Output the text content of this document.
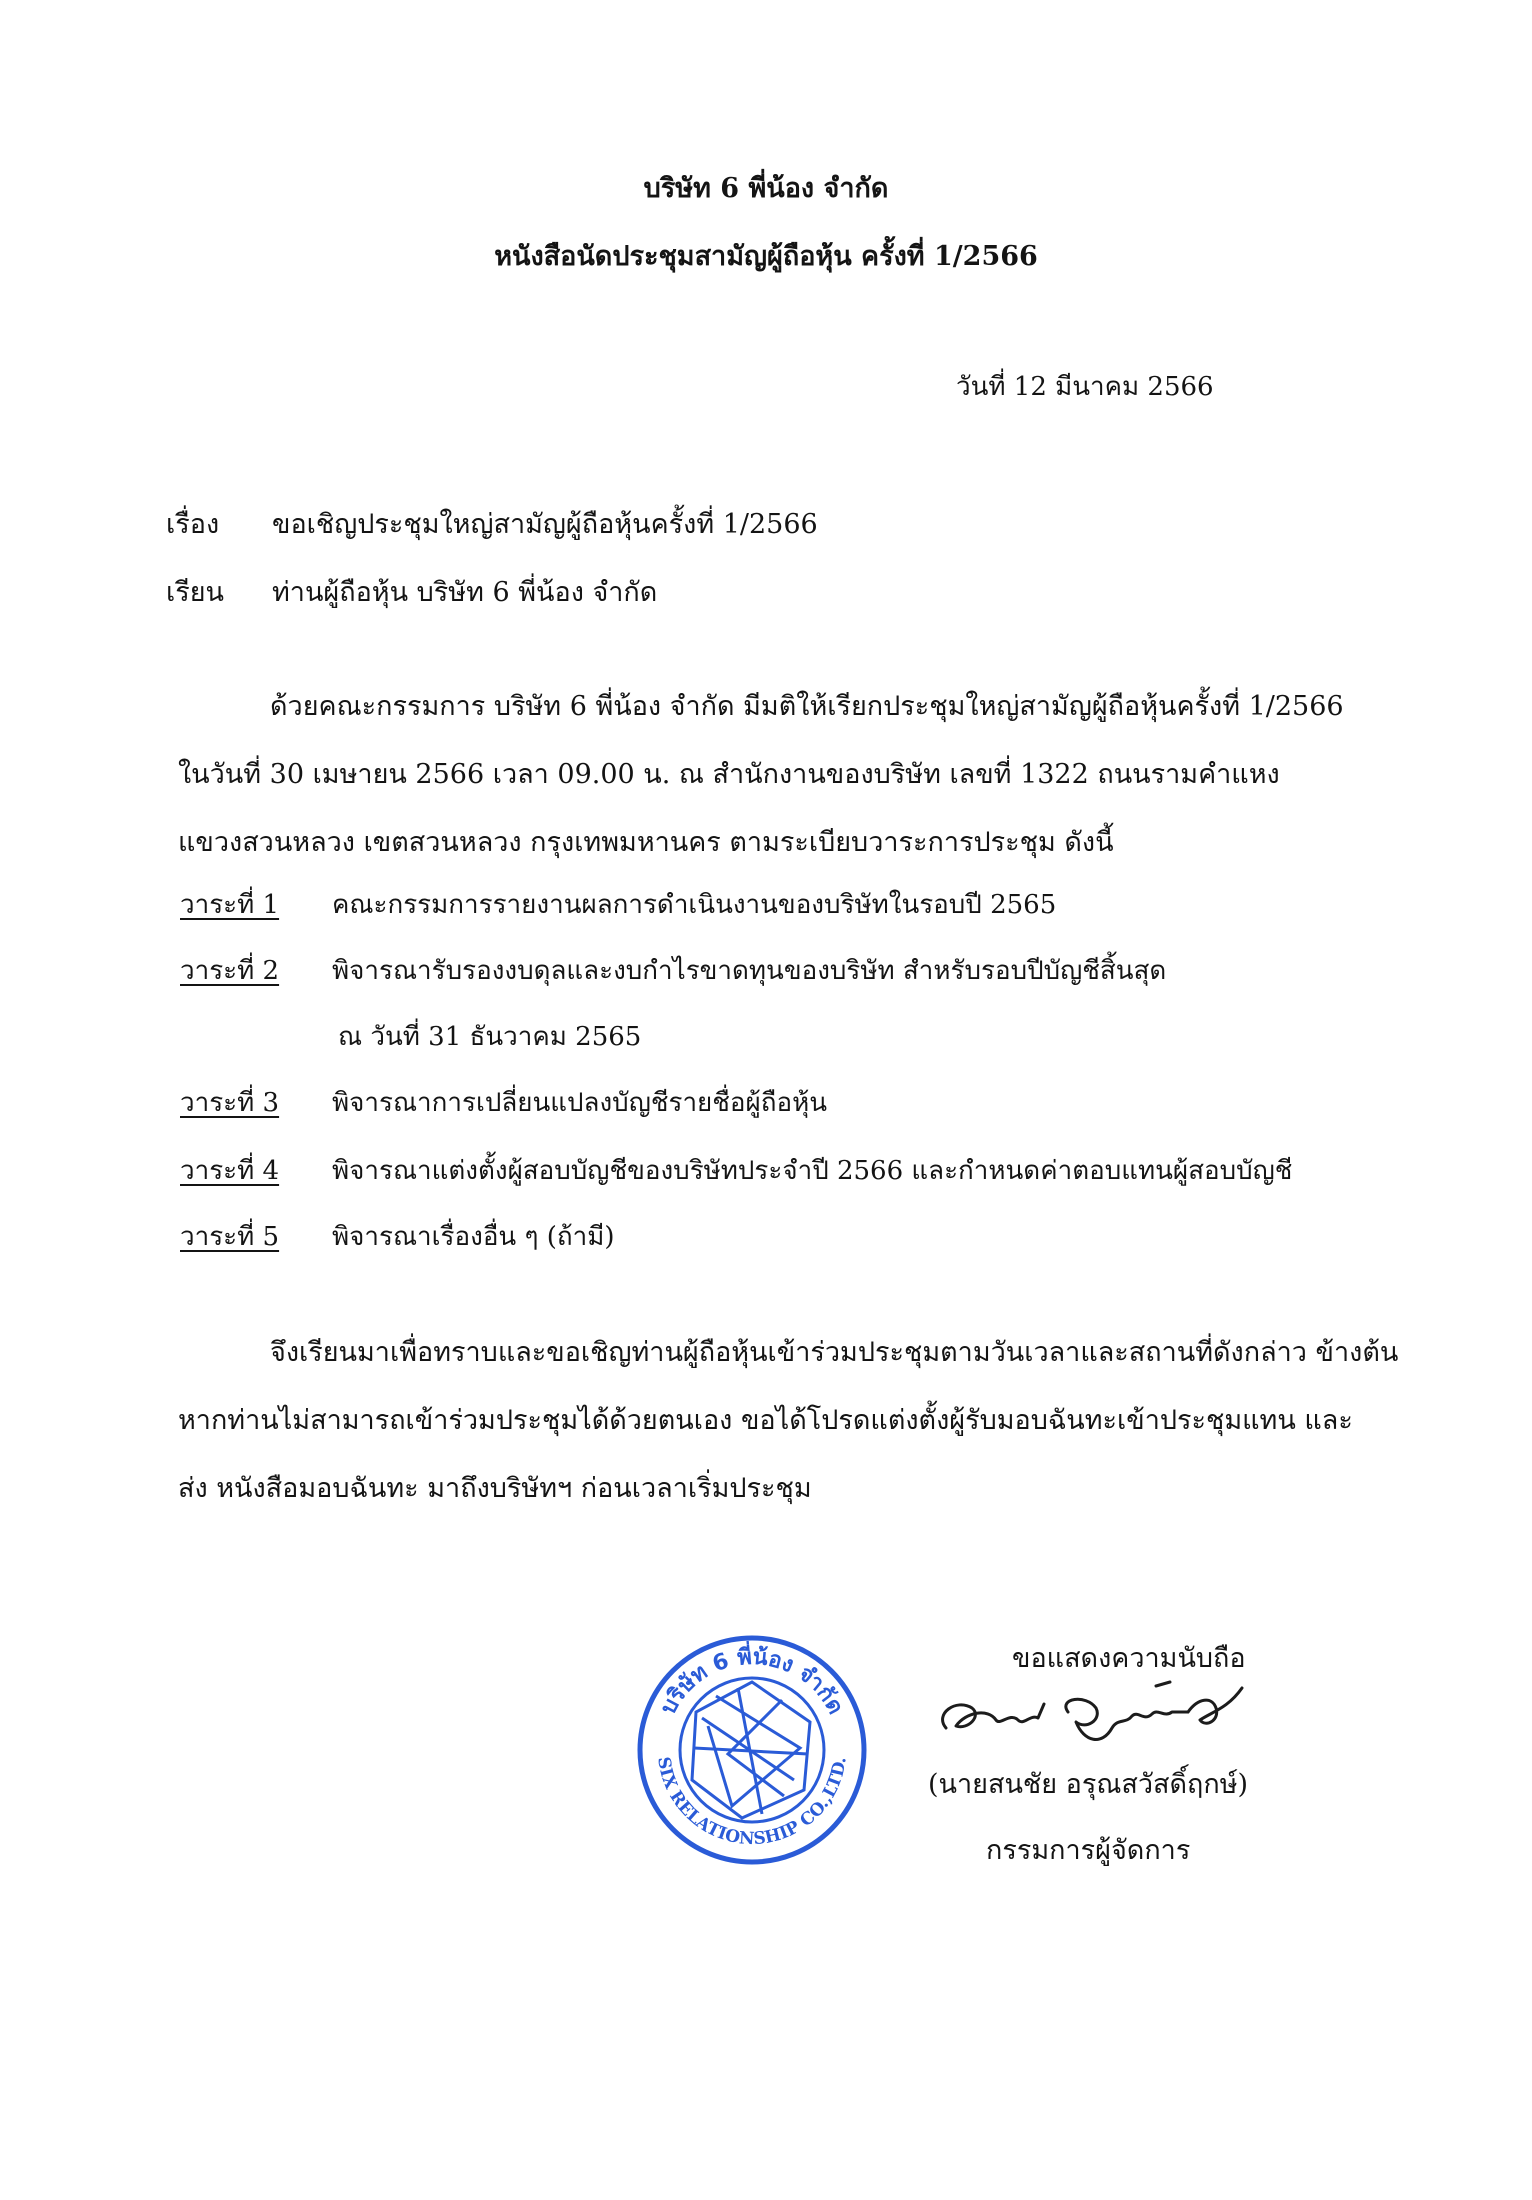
บริษัท 6 พี่น้อง จำกัด
หนังสือนัดประชุมสามัญผู้ถือหุ้น ครั้งที่ 1/2566
วันที่ 12 มีนาคม 2566
เรื่อง ขอเชิญประชุมใหญ่สามัญผู้ถือหุ้นครั้งที่ 1/2566
เรียน ท่านผู้ถือหุ้น บริษัท 6 พี่น้อง จำกัด
ด้วยคณะกรรมการ บริษัท 6 พี่น้อง จำกัด มีมติให้เรียกประชุมใหญ่สามัญผู้ถือหุ้นครั้งที่ 1/2566
ในวันที่ 30 เมษายน 2566 เวลา 09.00 น. ณ สำนักงานของบริษัท เลขที่ 1322 ถนนรามคำแหง
แขวงสวนหลวง เขตสวนหลวง กรุงเทพมหานคร ตามระเบียบวาระการประชุม ดังนี้
วาระที่ 1 คณะกรรมการรายงานผลการดำเนินงานของบริษัทในรอบปี 2565
วาระที่ 2 พิจารณารับรองงบดุลและงบกำไรขาดทุนของบริษัท สำหรับรอบปีบัญชีสิ้นสุด
ณ วันที่ 31 ธันวาคม 2565
วาระที่ 3 พิจารณาการเปลี่ยนแปลงบัญชีรายชื่อผู้ถือหุ้น
วาระที่ 4 พิจารณาแต่งตั้งผู้สอบบัญชีของบริษัทประจำปี 2566 และกำหนดค่าตอบแทนผู้สอบบัญชี
วาระที่ 5 พิจารณาเรื่องอื่น ๆ (ถ้ามี)
จึงเรียนมาเพื่อทราบและขอเชิญท่านผู้ถือหุ้นเข้าร่วมประชุมตามวันเวลาและสถานที่ดังกล่าว ข้างต้น
หากท่านไม่สามารถเข้าร่วมประชุมได้ด้วยตนเอง ขอได้โปรดแต่งตั้งผู้รับมอบฉันทะเข้าประชุมแทน และ
ส่ง หนังสือมอบฉันทะ มาถึงบริษัทฯ ก่อนเวลาเริ่มประชุม
บริษัท 6 พี่น้อง จำกัด
SIX RELATIONSHIP CO.,LTD.
ขอแสดงความนับถือ
(นายสนชัย อรุณสวัสดิ์ฤกษ์)
กรรมการผู้จัดการ
